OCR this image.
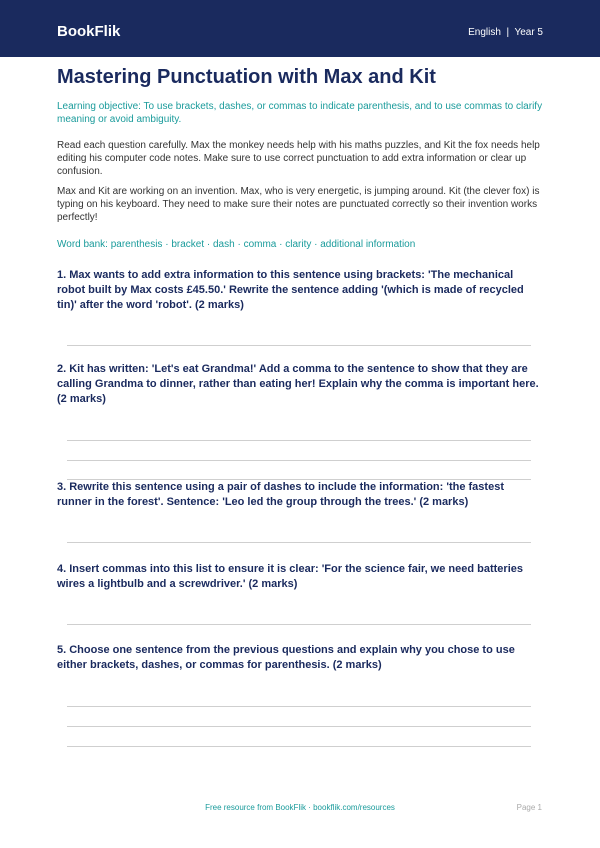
BookFlik	English  |  Year 5
Mastering Punctuation with Max and Kit
Learning objective: To use brackets, dashes, or commas to indicate parenthesis, and to use commas to clarify meaning or avoid ambiguity.
Read each question carefully. Max the monkey needs help with his maths puzzles, and Kit the fox needs help editing his computer code notes. Make sure to use correct punctuation to add extra information or clear up confusion.
Max and Kit are working on an invention. Max, who is very energetic, is jumping around. Kit (the clever fox) is typing on his keyboard. They need to make sure their notes are punctuated correctly so their invention works perfectly!
Word bank: parenthesis · bracket · dash · comma · clarity · additional information
1. Max wants to add extra information to this sentence using brackets: 'The mechanical robot built by Max costs £45.50.' Rewrite the sentence adding '(which is made of recycled tin)' after the word 'robot'. (2 marks)
2. Kit has written: 'Let's eat Grandma!' Add a comma to the sentence to show that they are calling Grandma to dinner, rather than eating her! Explain why the comma is important here. (2 marks)
3. Rewrite this sentence using a pair of dashes to include the information: 'the fastest runner in the forest'. Sentence: 'Leo led the group through the trees.' (2 marks)
4. Insert commas into this list to ensure it is clear: 'For the science fair, we need batteries wires a lightbulb and a screwdriver.' (2 marks)
5. Choose one sentence from the previous questions and explain why you chose to use either brackets, dashes, or commas for parenthesis. (2 marks)
Free resource from BookFlik · bookflik.com/resources	Page 1
